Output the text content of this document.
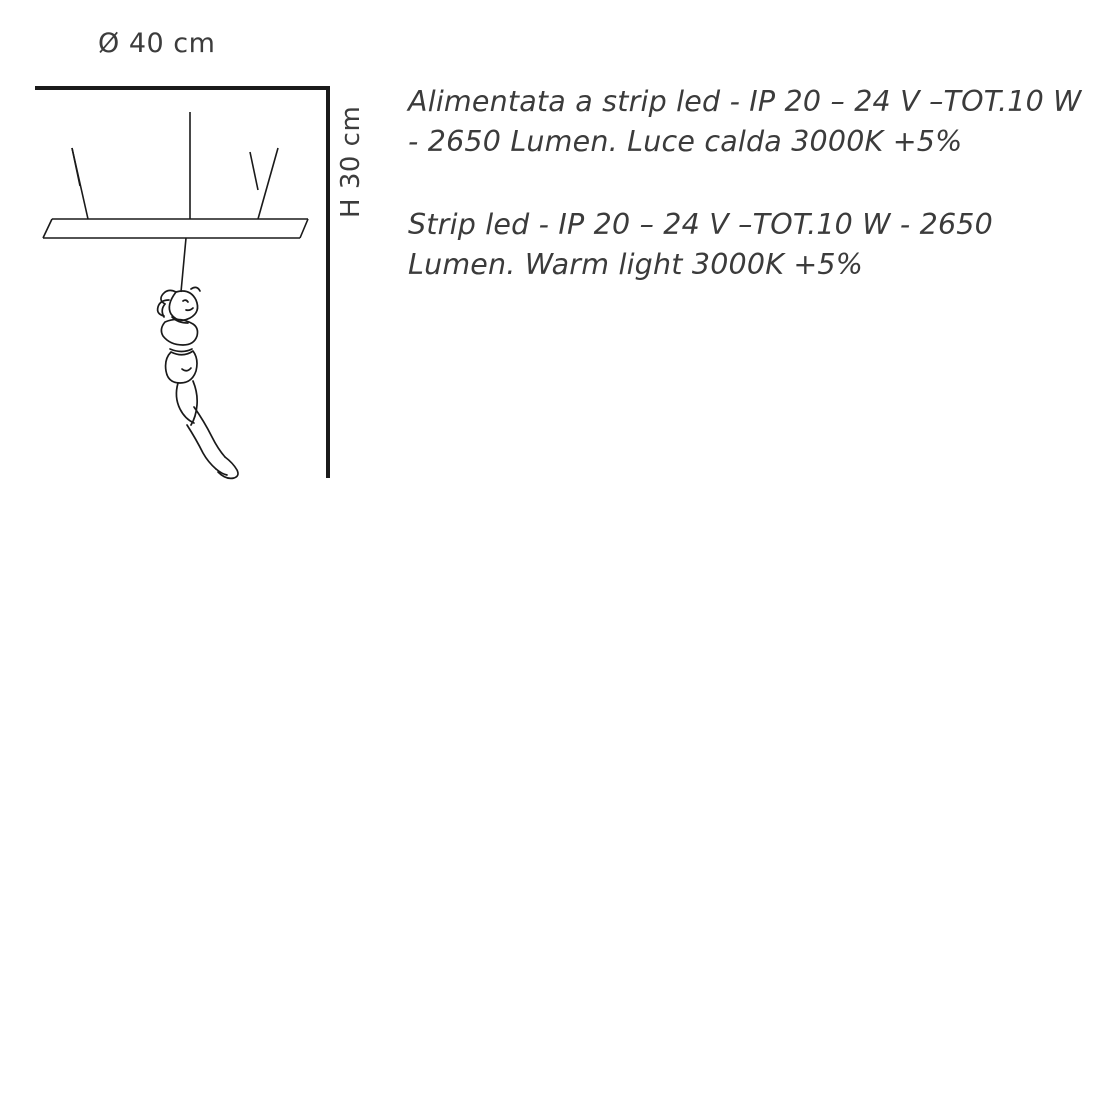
Ø 40 cm
H 30 cm
Alimentata a strip led - IP 20 – 24 V –TOT.10 W - 2650 Lumen. Luce calda 3000K +5%
Strip led - IP 20 – 24 V –TOT.10 W - 2650 Lumen. Warm light 3000K +5%
